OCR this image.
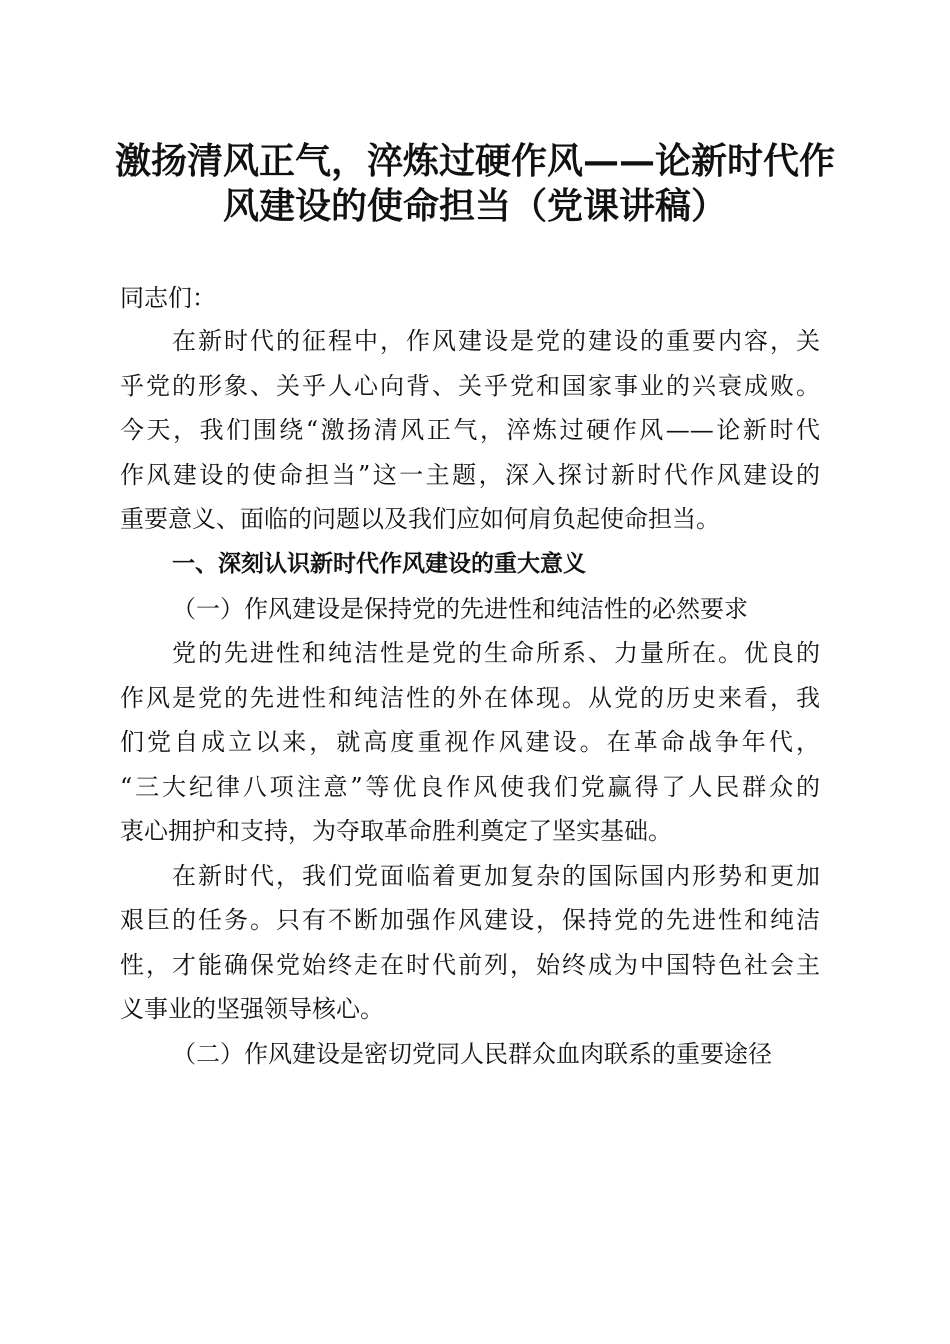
激扬清风正气，淬炼过硬作风——论新时代作
风建设的使命担当（党课讲稿）
同志们：
在新时代的征程中，作风建设是党的建设的重要内容，关
乎党的形象、关乎人心向背、关乎党和国家事业的兴衰成败。
今天，我们围绕“激扬清风正气，淬炼过硬作风——论新时代
作风建设的使命担当”这一主题，深入探讨新时代作风建设的
重要意义、面临的问题以及我们应如何肩负起使命担当。
一、深刻认识新时代作风建设的重大意义
（一）作风建设是保持党的先进性和纯洁性的必然要求
党的先进性和纯洁性是党的生命所系、力量所在。优良的
作风是党的先进性和纯洁性的外在体现。从党的历史来看，我
们党自成立以来，就高度重视作风建设。在革命战争年代，
“三大纪律八项注意”等优良作风使我们党赢得了人民群众的
衷心拥护和支持，为夺取革命胜利奠定了坚实基础。
在新时代，我们党面临着更加复杂的国际国内形势和更加
艰巨的任务。只有不断加强作风建设，保持党的先进性和纯洁
性，才能确保党始终走在时代前列，始终成为中国特色社会主
义事业的坚强领导核心。
（二）作风建设是密切党同人民群众血肉联系的重要途径
